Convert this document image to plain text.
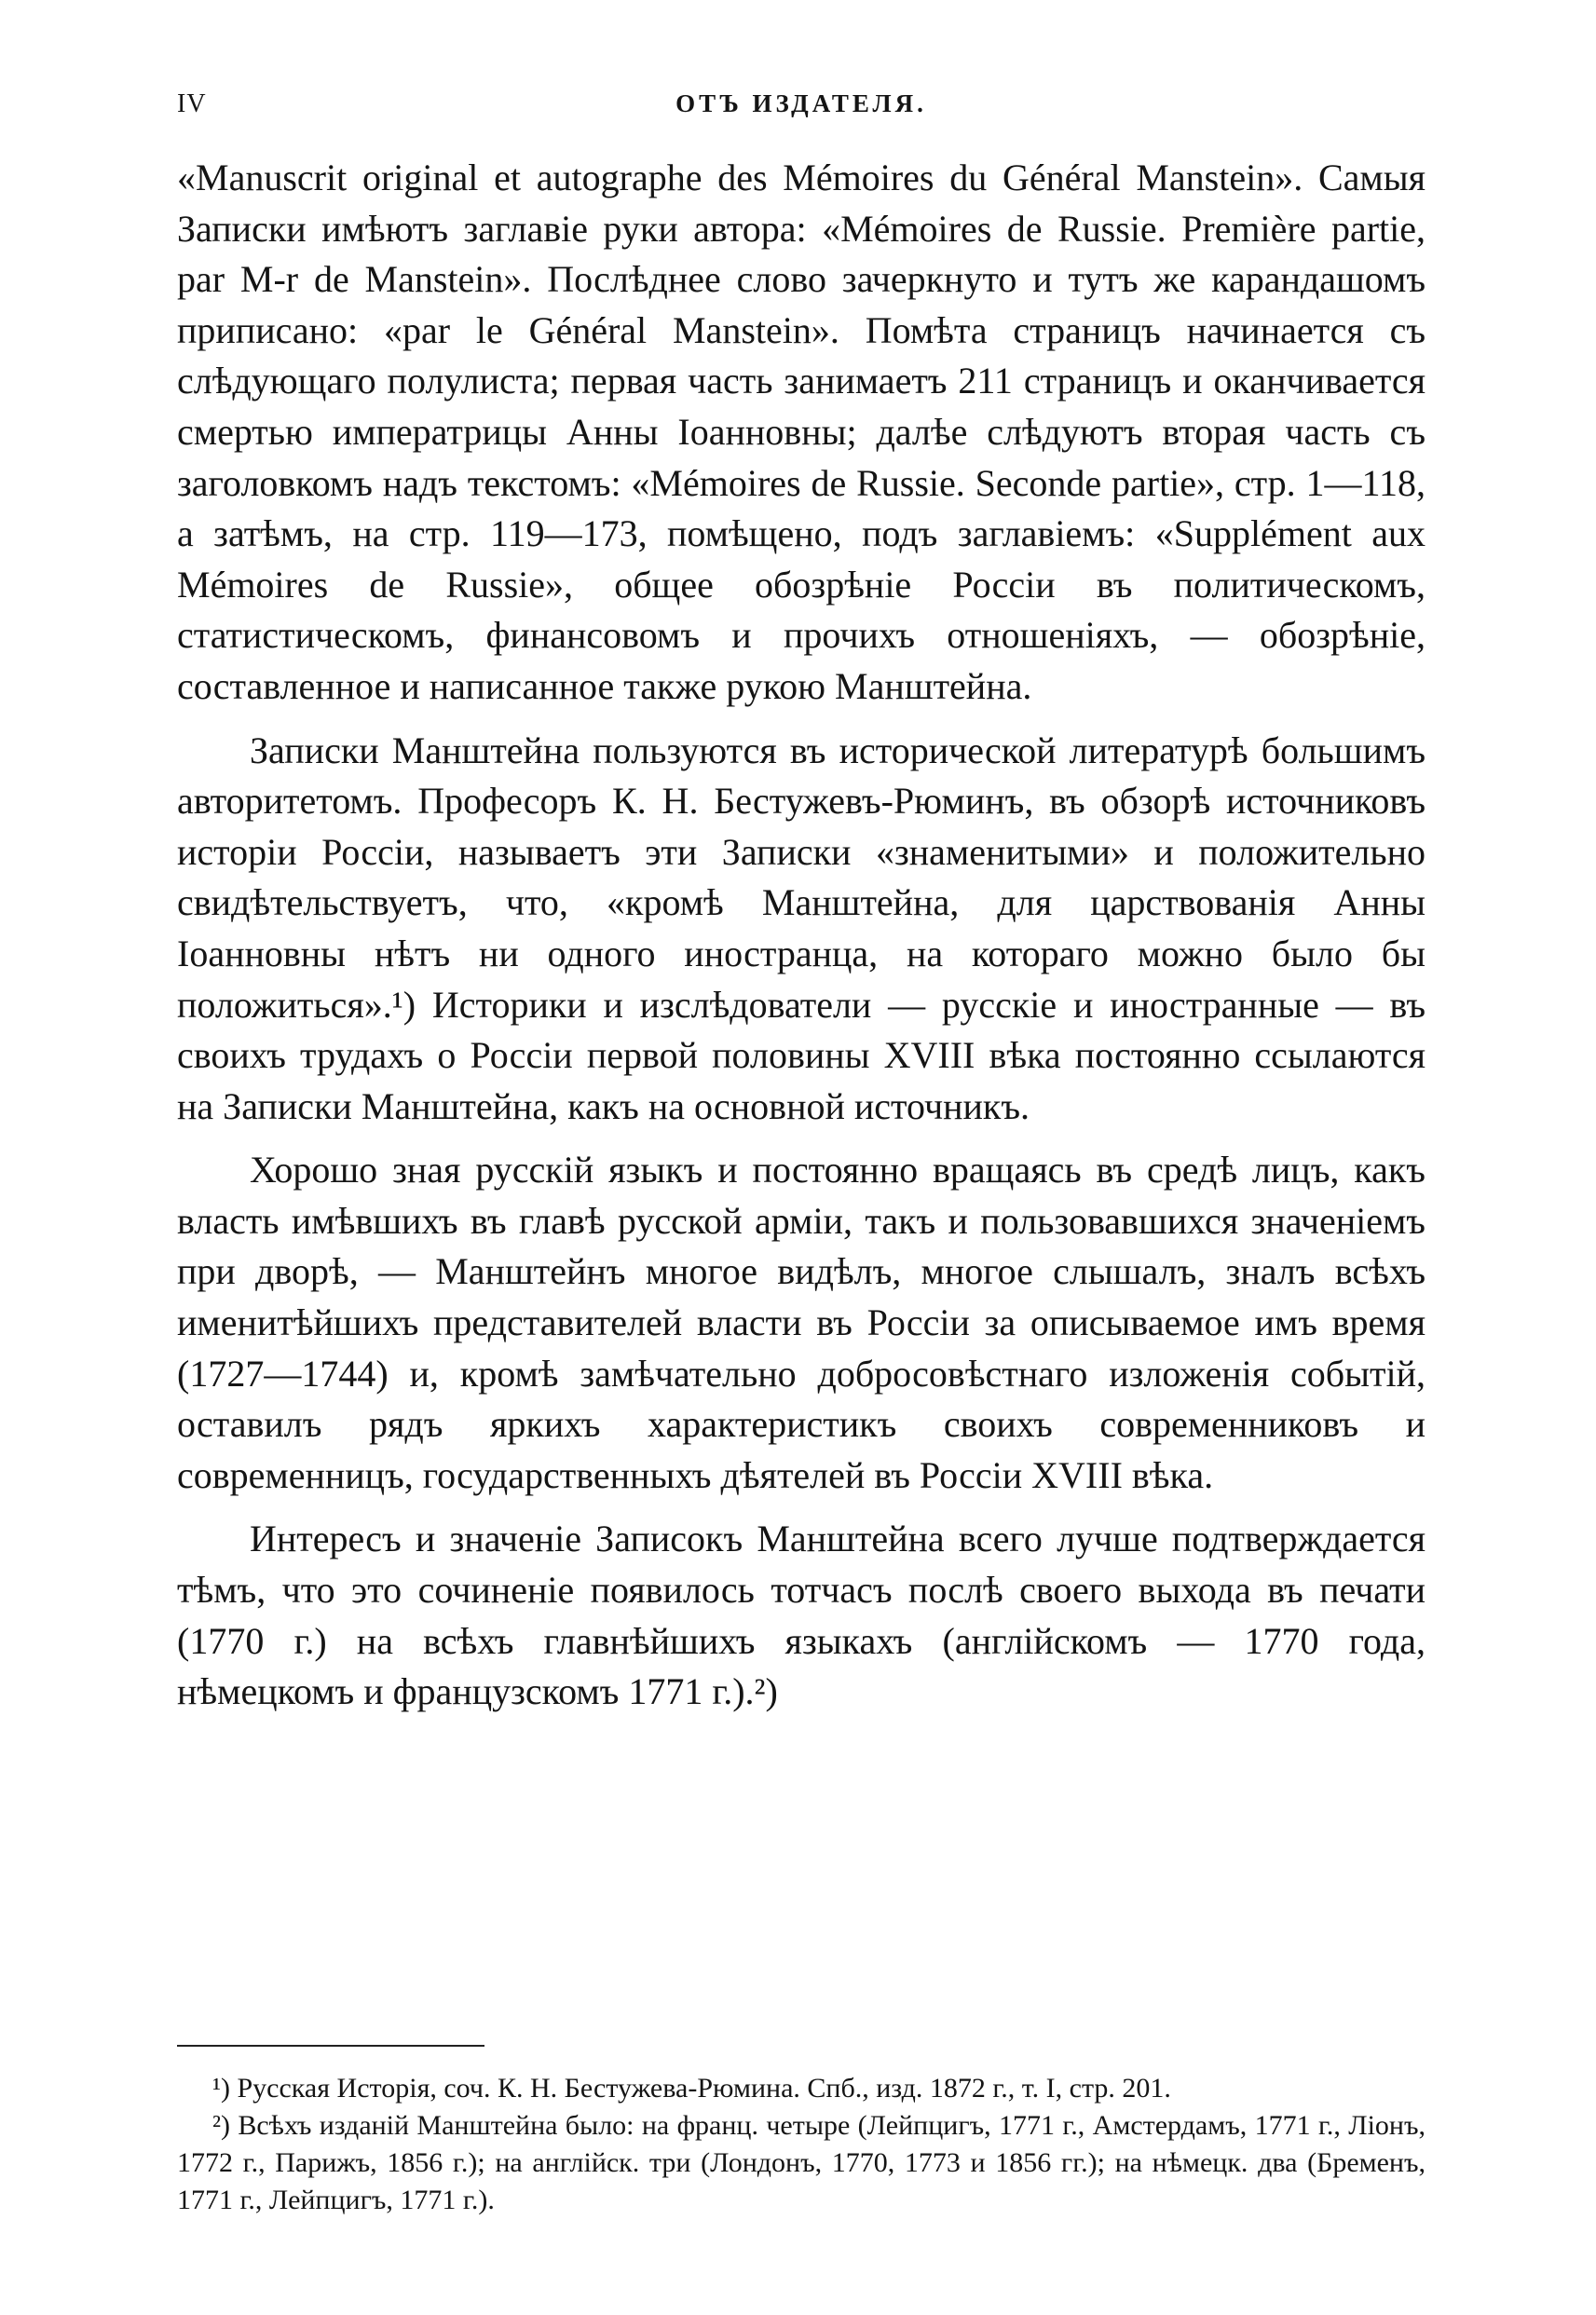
IV	ОТЪ ИЗДАТЕЛЯ.

«Manuscrit original et autographe des Mémoires du Général Manstein». Самыя Записки имѣютъ заглавіе руки автора: «Mémoires de Russie. Première partie, par M-r de Manstein». Послѣднее слово зачеркнуто и тутъ же карандашомъ приписано: «par le Général Manstein». Помѣта страницъ начинается съ слѣдующаго полулиста; первая часть занимаетъ 211 страницъ и оканчивается смертью императрицы Анны Іоанновны; далѣе слѣдуютъ вторая часть съ заголовкомъ надъ текстомъ: «Mémoires de Russie. Seconde partie», стр. 1—118, а затѣмъ, на стр. 119—173, помѣщено, подъ заглавіемъ: «Supplément aux Mémoires de Russie», общее обозрѣніе Россіи въ политическомъ, статистическомъ, финансовомъ и прочихъ отношеніяхъ, — обозрѣніе, составленное и написанное также рукою Манштейна.

Записки Манштейна пользуются въ исторической литературѣ большимъ авторитетомъ. Професоръ К. Н. Бестужевъ-Рюминъ, въ обзорѣ источниковъ исторіи Россіи, называетъ эти Записки «знаменитыми» и положительно свидѣтельствуетъ, что, «кромѣ Манштейна, для царствованія Анны Іоанновны нѣтъ ни одного иностранца, на котораго можно было бы положиться».¹) Историки и изслѣдователи — русскіе и иностранные — въ своихъ трудахъ о Россіи первой половины XVIII вѣка постоянно ссылаются на Записки Манштейна, какъ на основной источникъ.

Хорошо зная русскій языкъ и постоянно вращаясь въ средѣ лицъ, какъ власть имѣвшихъ въ главѣ русской арміи, такъ и пользовавшихся значеніемъ при дворѣ, — Манштейнъ многое видѣлъ, многое слышалъ, зналъ всѣхъ именитѣйшихъ представителей власти въ Россіи за описываемое имъ время (1727—1744) и, кромѣ замѣчательно добросовѣстнаго изложенія событій, оставилъ рядъ яркихъ характеристикъ своихъ современниковъ и современницъ, государственныхъ дѣятелей въ Россіи XVIII вѣка.

Интересъ и значеніе Записокъ Манштейна всего лучше подтверждается тѣмъ, что это сочиненіе появилось тотчасъ послѣ своего выхода въ печати (1770 г.) на всѣхъ главнѣйшихъ языкахъ (англійскомъ — 1770 года, нѣмецкомъ и французскомъ 1771 г.).²)

¹) Русская Исторія, соч. К. Н. Бестужева-Рюмина. Спб., изд. 1872 г., т. I, стр. 201.

²) Всѣхъ изданій Манштейна было: на франц. четыре (Лейпцигъ, 1771 г., Амстердамъ, 1771 г., Ліонъ, 1772 г., Парижъ, 1856 г.); на англійск. три (Лондонъ, 1770, 1773 и 1856 гг.); на нѣмецк. два (Бременъ, 1771 г., Лейпцигъ, 1771 г.).
